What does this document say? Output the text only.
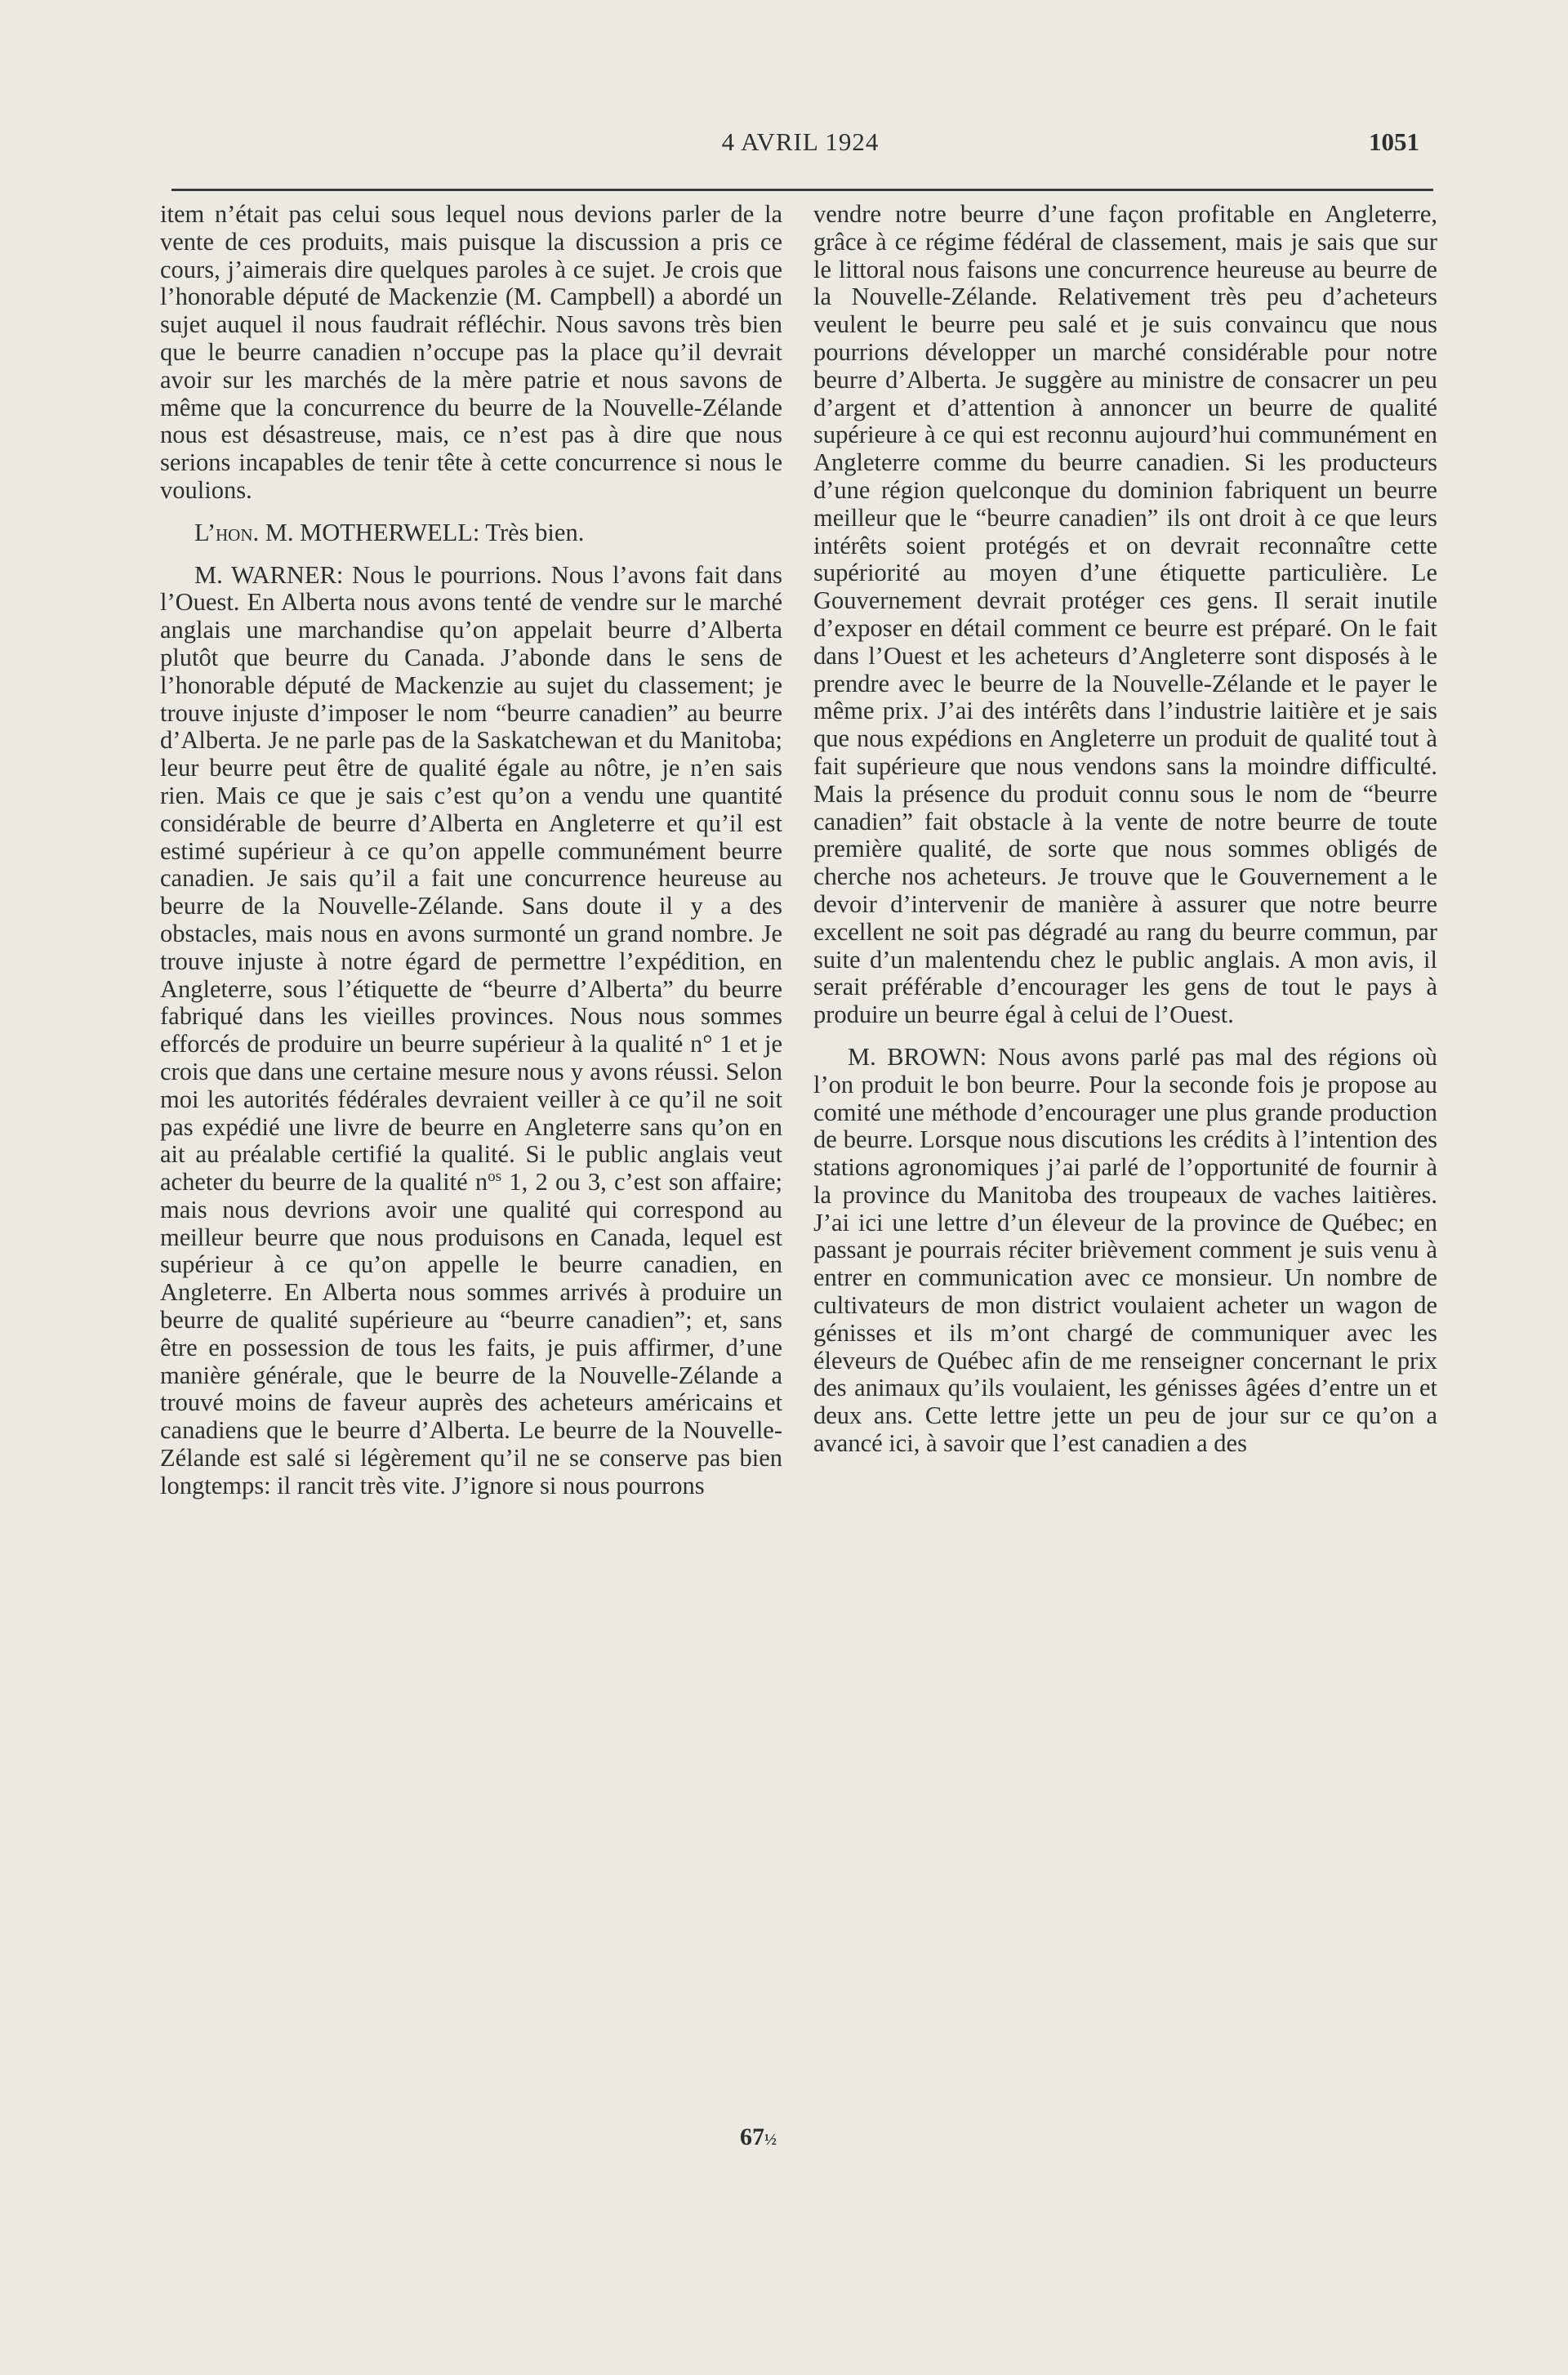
4 AVRIL 1924	1051

item n’était pas celui sous lequel nous devions parler de la vente de ces produits, mais puisque la discussion a pris ce cours, j’aimerais dire quelques paroles à ce sujet. Je crois que l’honorable député de Mackenzie (M. Campbell) a abordé un sujet auquel il nous faudrait réfléchir. Nous savons très bien que le beurre canadien n’occupe pas la place qu’il devrait avoir sur les marchés de la mère patrie et nous savons de même que la concurrence du beurre de la Nouvelle-Zélande nous est désastreuse, mais, ce n’est pas à dire que nous serions incapables de tenir tête à cette concurrence si nous le voulions.

L’hon. M. MOTHERWELL: Très bien.

M. WARNER: Nous le pourrions. Nous l’avons fait dans l’Ouest. En Alberta nous avons tenté de vendre sur le marché anglais une marchandise qu’on appelait beurre d’Alberta plutôt que beurre du Canada. J’abonde dans le sens de l’honorable député de Mackenzie au sujet du classement; je trouve injuste d’imposer le nom “beurre canadien” au beurre d’Alberta. Je ne parle pas de la Saskatchewan et du Manitoba; leur beurre peut être de qualité égale au nôtre, je n’en sais rien. Mais ce que je sais c’est qu’on a vendu une quantité considérable de beurre d’Alberta en Angleterre et qu’il est estimé supérieur à ce qu’on appelle communément beurre canadien. Je sais qu’il a fait une concurrence heureuse au beurre de la Nouvelle-Zélande. Sans doute il y a des obstacles, mais nous en avons surmonté un grand nombre. Je trouve injuste à notre égard de permettre l’expédition, en Angleterre, sous l’étiquette de “beurre d’Alberta” du beurre fabriqué dans les vieilles provinces. Nous nous sommes efforcés de produire un beurre supérieur à la qualité n° 1 et je crois que dans une certaine mesure nous y avons réussi. Selon moi les autorités fédérales devraient veiller à ce qu’il ne soit pas expédié une livre de beurre en Angleterre sans qu’on en ait au préalable certifié la qualité. Si le public anglais veut acheter du beurre de la qualité $n^{os}$ 1, 2 ou 3, c’est son affaire; mais nous devrions avoir une qualité qui correspond au meilleur beurre que nous produisons en Canada, lequel est supérieur à ce qu’on appelle le beurre canadien, en Angleterre. En Alberta nous sommes arrivés à produire un beurre de qualité supérieure au “beurre canadien”; et, sans être en possession de tous les faits, je puis affirmer, d’une manière générale, que le beurre de la Nouvelle-Zélande a trouvé moins de faveur auprès des acheteurs américains et canadiens que le beurre d’Alberta. Le beurre de la Nouvelle-Zélande est salé si légèrement qu’il ne se conserve pas bien longtemps: il rancit très vite. J’ignore si nous pourrons

vendre notre beurre d’une façon profitable en Angleterre, grâce à ce régime fédéral de classement, mais je sais que sur le littoral nous faisons une concurrence heureuse au beurre de la Nouvelle-Zélande. Relativement très peu d’acheteurs veulent le beurre peu salé et je suis convaincu que nous pourrions développer un marché considérable pour notre beurre d’Alberta. Je suggère au ministre de consacrer un peu d’argent et d’attention à annoncer un beurre de qualité supérieure à ce qui est reconnu aujourd’hui communément en Angleterre comme du beurre canadien. Si les producteurs d’une région quelconque du dominion fabriquent un beurre meilleur que le “beurre canadien” ils ont droit à ce que leurs intérêts soient protégés et on devrait reconnaître cette supériorité au moyen d’une étiquette particulière. Le Gouvernement devrait protéger ces gens. Il serait inutile d’exposer en détail comment ce beurre est préparé. On le fait dans l’Ouest et les acheteurs d’Angleterre sont disposés à le prendre avec le beurre de la Nouvelle-Zélande et le payer le même prix. J’ai des intérêts dans l’industrie laitière et je sais que nous expédions en Angleterre un produit de qualité tout à fait supérieure que nous vendons sans la moindre difficulté. Mais la présence du produit connu sous le nom de “beurre canadien” fait obstacle à la vente de notre beurre de toute première qualité, de sorte que nous sommes obligés de cherche nos acheteurs. Je trouve que le Gouvernement a le devoir d’intervenir de manière à assurer que notre beurre excellent ne soit pas dégradé au rang du beurre commun, par suite d’un malentendu chez le public anglais. A mon avis, il serait préférable d’encourager les gens de tout le pays à produire un beurre égal à celui de l’Ouest.

M. BROWN: Nous avons parlé pas mal des régions où l’on produit le bon beurre. Pour la seconde fois je propose au comité une méthode d’encourager une plus grande production de beurre. Lorsque nous discutions les crédits à l’intention des stations agronomiques j’ai parlé de l’opportunité de fournir à la province du Manitoba des troupeaux de vaches laitières. J’ai ici une lettre d’un éleveur de la province de Québec; en passant je pourrais réciter brièvement comment je suis venu à entrer en communication avec ce monsieur. Un nombre de cultivateurs de mon district voulaient acheter un wagon de génisses et ils m’ont chargé de communiquer avec les éleveurs de Québec afin de me renseigner concernant le prix des animaux qu’ils voulaient, les génisses âgées d’entre un et deux ans. Cette lettre jette un peu de jour sur ce qu’on a avancé ici, à savoir que l’est canadien a des

67½
